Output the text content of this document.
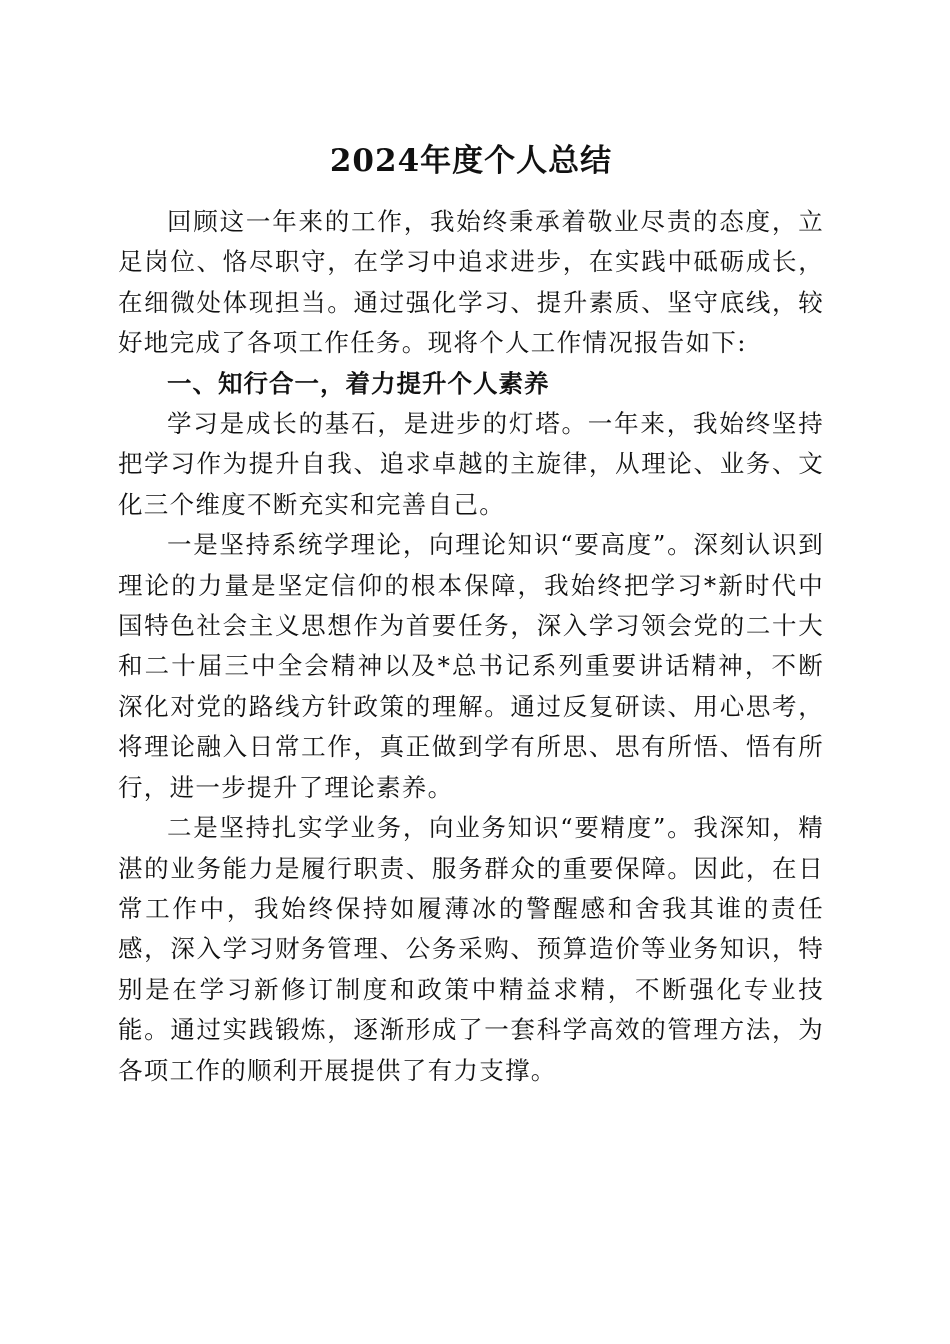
2024年度个人总结

回顾这一年来的工作，我始终秉承着敬业尽责的态度，立足岗位、恪尽职守，在学习中追求进步，在实践中砥砺成长，在细微处体现担当。通过强化学习、提升素质、坚守底线，较好地完成了各项工作任务。现将个人工作情况报告如下:

一、知行合一，着力提升个人素养

学习是成长的基石，是进步的灯塔。一年来，我始终坚持把学习作为提升自我、追求卓越的主旋律，从理论、业务、文化三个维度不断充实和完善自己。

一是坚持系统学理论，向理论知识“要高度”。深刻认识到理论的力量是坚定信仰的根本保障，我始终把学习*新时代中国特色社会主义思想作为首要任务，深入学习领会党的二十大和二十届三中全会精神以及*总书记系列重要讲话精神，不断深化对党的路线方针政策的理解。通过反复研读、用心思考，将理论融入日常工作，真正做到学有所思、思有所悟、悟有所行，进一步提升了理论素养。

二是坚持扎实学业务，向业务知识“要精度”。我深知，精湛的业务能力是履行职责、服务群众的重要保障。因此，在日常工作中，我始终保持如履薄冰的警醒感和舍我其谁的责任感，深入学习财务管理、公务采购、预算造价等业务知识，特别是在学习新修订制度和政策中精益求精，不断强化专业技能。通过实践锻炼，逐渐形成了一套科学高效的管理方法，为各项工作的顺利开展提供了有力支撑。
